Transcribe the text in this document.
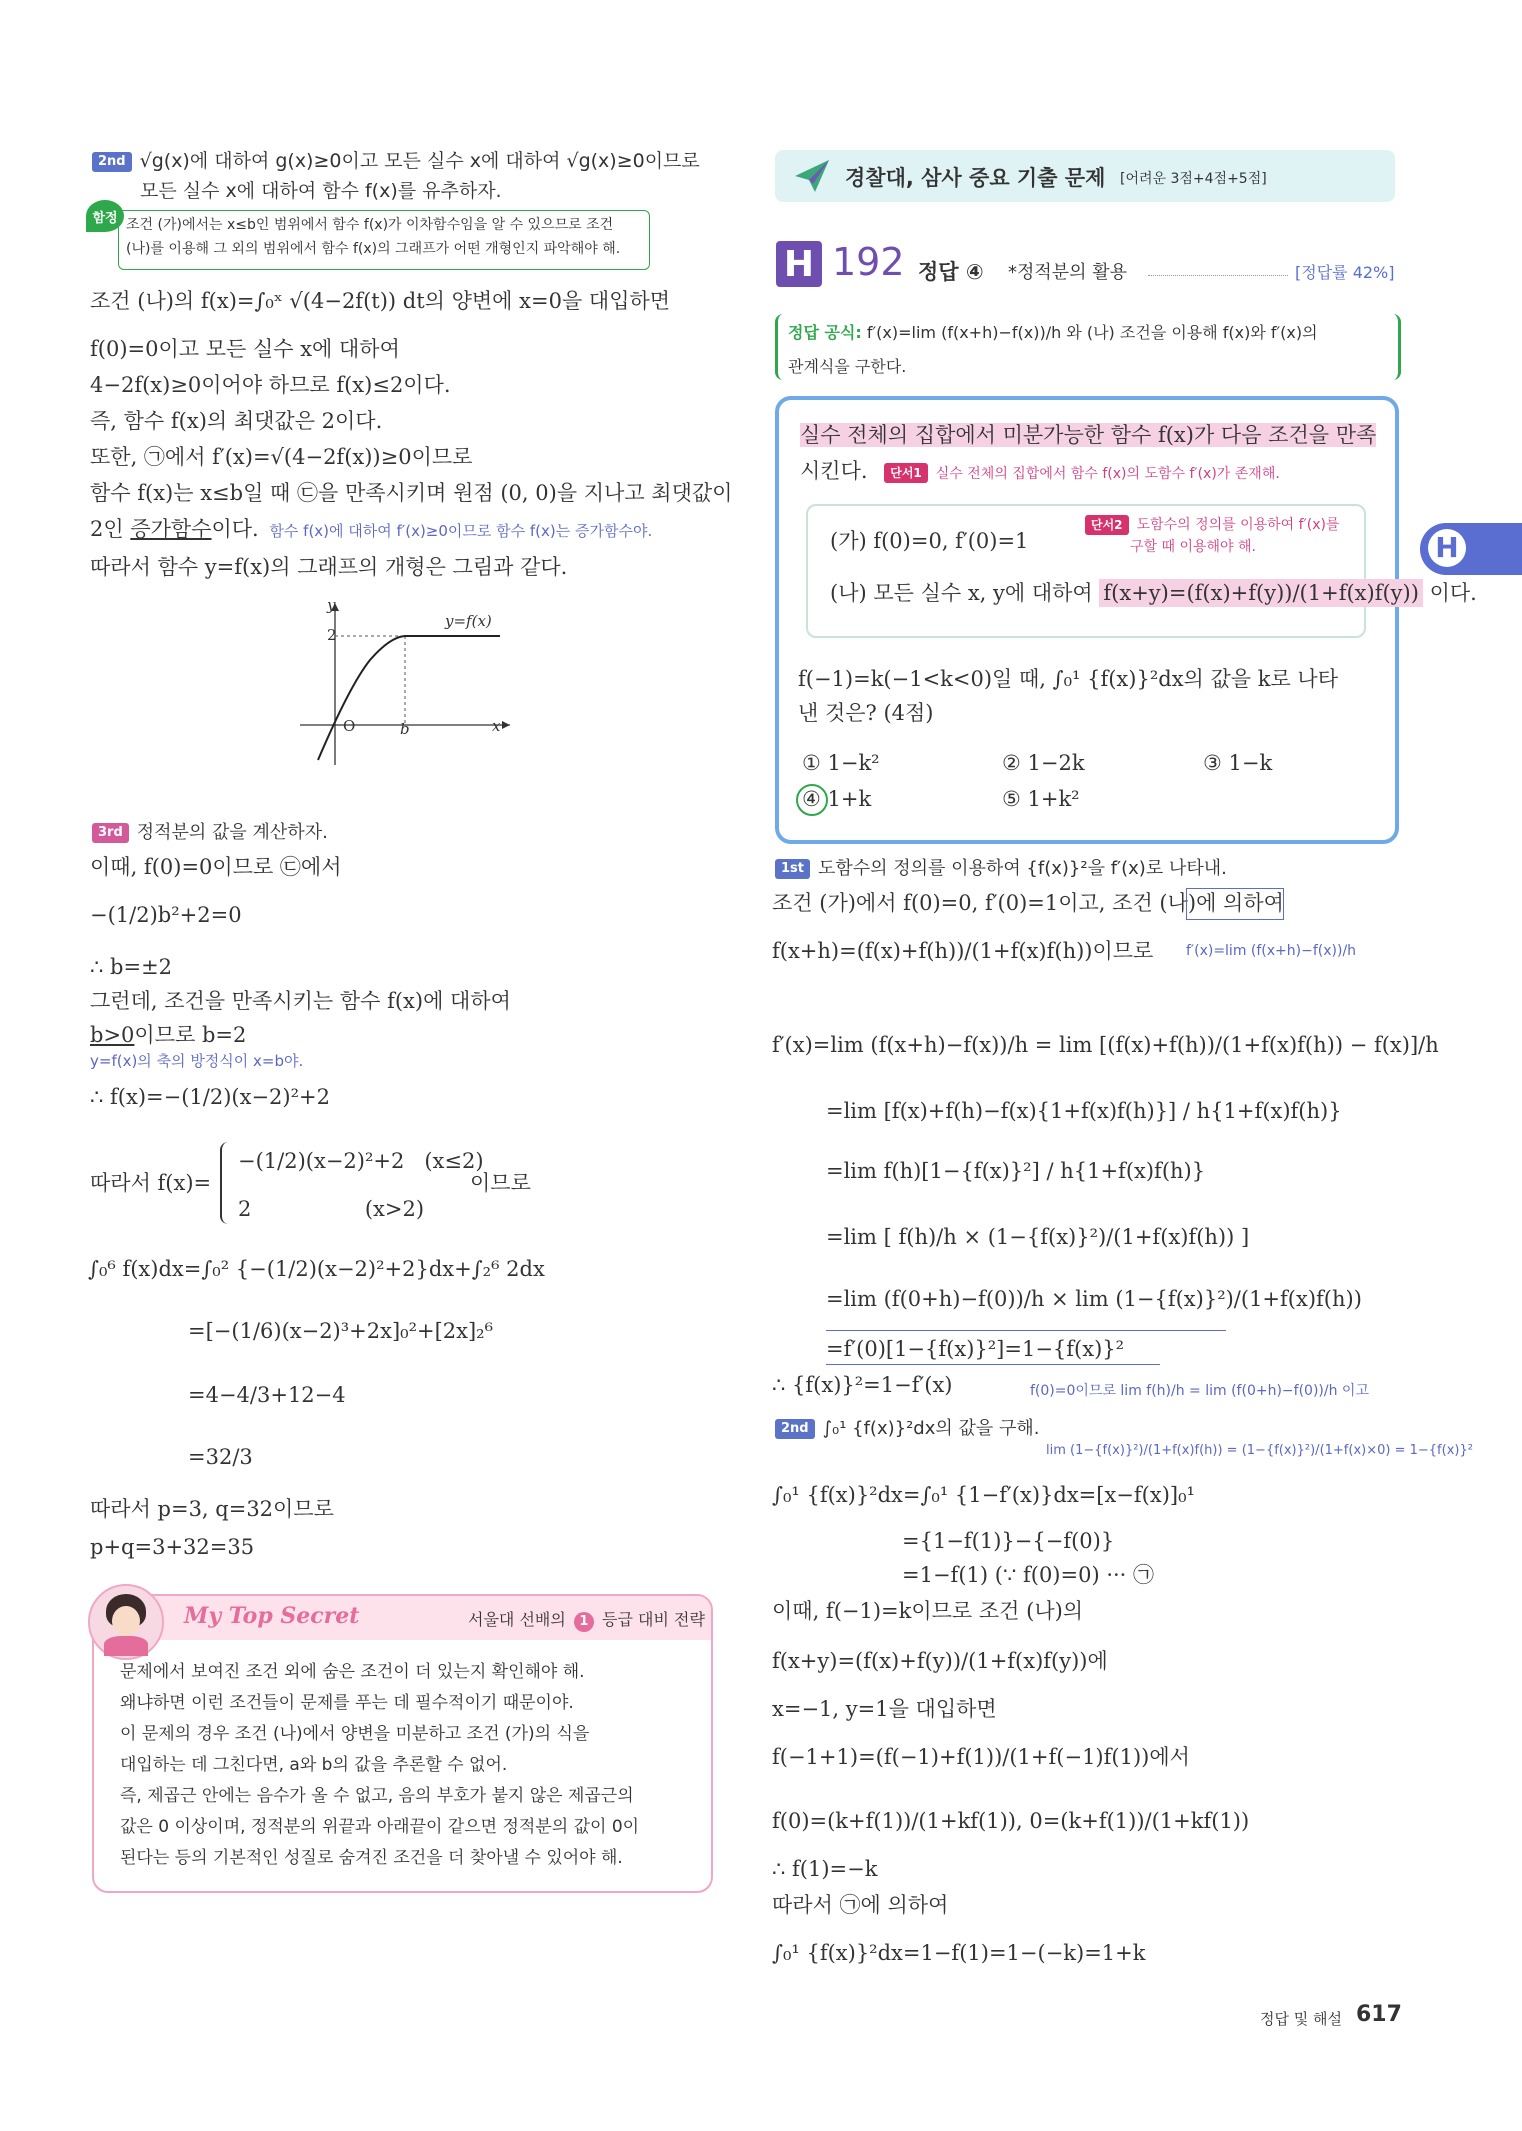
2nd √g(x)에 대하여 g(x)≥0이고 모든 실수 x에 대하여 √g(x)≥0이므로
모든 실수 x에 대하여 함수 f(x)를 유추하자.
함정 조건 (가)에서는 x≤b인 범위에서 함수 f(x)가 이차함수임을 알 수 있으므로 조건
(나)를 이용해 그 외의 범위에서 함수 f(x)의 그래프가 어떤 개형인지 파악해야 해.
조건 (나)의 f(x)=∫₀ˣ √(4−2f(t)) dt의 양변에 x=0을 대입하면
f(0)=0이고 모든 실수 x에 대하여
4−2f(x)≥0이어야 하므로 f(x)≤2이다.
즉, 함수 f(x)의 최댓값은 2이다.
또한, ㉠에서 f′(x)=√(4−2f(x))≥0이므로
함수 f(x)는 x≤b일 때 ㉢을 만족시키며 원점 (0, 0)을 지나고 최댓값이
2인 증가함수이다. 함수 f(x)에 대하여 f′(x)≥0이므로 함수 f(x)는 증가함수야.
따라서 함수 y=f(x)의 그래프의 개형은 그림과 같다.
y
x
O	b
2
y=f(x)
3rd 정적분의 값을 계산하자.
이때, f(0)=0이므로 ㉢에서
−(1/2)b²+2=0
∴ b=±2
그런데, 조건을 만족시키는 함수 f(x)에 대하여
b>0이므로 b=2
y=f(x)의 축의 방정식이 x=b야.
∴ f(x)=−(1/2)(x−2)²+2
따라서 f(x)=
−(1/2)(x−2)²+2   (x≤2)
2                 (x>2)
이므로
∫₀⁶ f(x)dx=∫₀² {−(1/2)(x−2)²+2}dx+∫₂⁶ 2dx
=[−(1/6)(x−2)³+2x]₀²+[2x]₂⁶
=4−4/3+12−4
=32/3
따라서 p=3, q=32이므로
p+q=3+32=35
My Top Secret	서울대 선배의 1 등급 대비 전략
문제에서 보여진 조건 외에 숨은 조건이 더 있는지 확인해야 해.
왜냐하면 이런 조건들이 문제를 푸는 데 필수적이기 때문이야.
이 문제의 경우 조건 (나)에서 양변을 미분하고 조건 (가)의 식을
대입하는 데 그친다면, a와 b의 값을 추론할 수 없어.
즉, 제곱근 안에는 음수가 올 수 없고, 음의 부호가 붙지 않은 제곱근의
값은 0 이상이며, 정적분의 위끝과 아래끝이 같으면 정적분의 값이 0이
된다는 등의 기본적인 성질로 숨겨진 조건을 더 찾아낼 수 있어야 해.
경찰대, 삼사 중요 기출 문제 [어려운 3점+4점+5점]
H 192 정답 ④ *정적분의 활용	[정답률 42%]
정답 공식: f′(x)=lim (f(x+h)−f(x))/h 와 (나) 조건을 이용해 f(x)와 f′(x)의
관계식을 구한다.
실수 전체의 집합에서 미분가능한 함수 f(x)가 다음 조건을 만족
시킨다. 단서1 실수 전체의 집합에서 함수 f(x)의 도함수 f′(x)가 존재해.
(가) f(0)=0, f′(0)=1
단서2 도함수의 정의를 이용하여 f′(x)를
구할 때 이용해야 해.
(나) 모든 실수 x, y에 대하여 f(x+y)=(f(x)+f(y))/(1+f(x)f(y)) 이다.
f(−1)=k(−1<k<0)일 때, ∫₀¹ {f(x)}²dx의 값을 k로 나타
낸 것은? (4점)
① 1−k²	② 1−2k	③ 1−k
④ 1+k	⑤ 1+k²
1st 도함수의 정의를 이용하여 {f(x)}²을 f′(x)로 나타내.
조건 (가)에서 f(0)=0, f′(0)=1이고, 조건 (나)에 의하여
f(x+h)=(f(x)+f(h))/(1+f(x)f(h))이므로 f′(x)=lim (f(x+h)−f(x))/h
f′(x)=lim (f(x+h)−f(x))/h = lim [(f(x)+f(h))/(1+f(x)f(h)) − f(x)]/h
=lim [f(x)+f(h)−f(x){1+f(x)f(h)}] / h{1+f(x)f(h)}
=lim f(h)[1−{f(x)}²] / h{1+f(x)f(h)}
=lim [ f(h)/h × (1−{f(x)}²)/(1+f(x)f(h)) ]
=lim (f(0+h)−f(0))/h × lim (1−{f(x)}²)/(1+f(x)f(h))
=f′(0)[1−{f(x)}²]=1−{f(x)}²
∴ {f(x)}²=1−f′(x)	f(0)=0이므로 lim f(h)/h = lim (f(0+h)−f(0))/h 이고
2nd ∫₀¹ {f(x)}²dx의 값을 구해.
lim (1−{f(x)}²)/(1+f(x)f(h)) = (1−{f(x)}²)/(1+f(x)×0) = 1−{f(x)}²
∫₀¹ {f(x)}²dx=∫₀¹ {1−f′(x)}dx=[x−f(x)]₀¹
={1−f(1)}−{−f(0)}
=1−f(1) (∵ f(0)=0) ··· ㉠
이때, f(−1)=k이므로 조건 (나)의
f(x+y)=(f(x)+f(y))/(1+f(x)f(y))에
x=−1, y=1을 대입하면
f(−1+1)=(f(−1)+f(1))/(1+f(−1)f(1))에서
f(0)=(k+f(1))/(1+kf(1)), 0=(k+f(1))/(1+kf(1))
∴ f(1)=−k
따라서 ㉠에 의하여
∫₀¹ {f(x)}²dx=1−f(1)=1−(−k)=1+k
H
정답 및 해설 617
